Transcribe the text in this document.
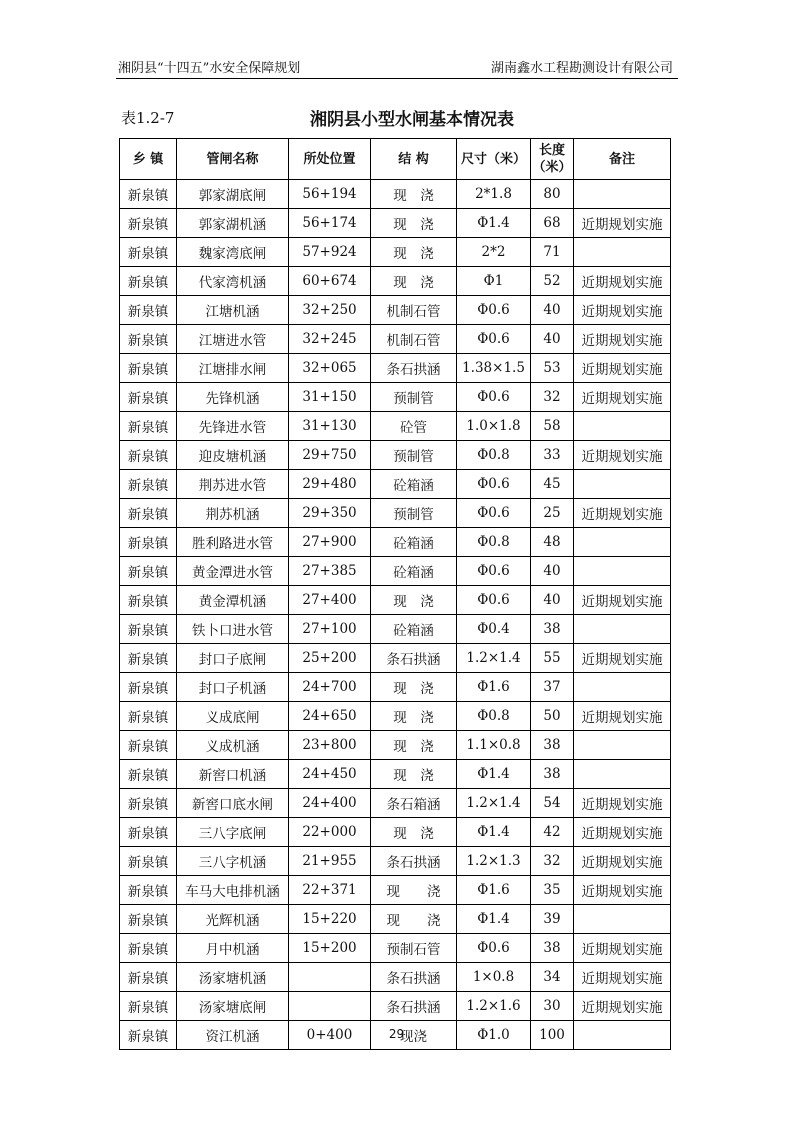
湘阴县“十四五”水安全保障规划	湖南鑫水工程勘测设计有限公司
表1.2-7	湘阴县小型水闸基本情况表
乡 镇	管闸名称	所处位置	结 构	尺寸（米）	长度（米）	备注
新泉镇	郭家湖底闸	56+194	现　浇	2*1.8	80	
新泉镇	郭家湖机涵	56+174	现　浇	Φ1.4	68	近期规划实施
新泉镇	魏家湾底闸	57+924	现　浇	2*2	71	
新泉镇	代家湾机涵	60+674	现　浇	Φ1	52	近期规划实施
新泉镇	江塘机涵	32+250	机制石管	Φ0.6	40	近期规划实施
新泉镇	江塘进水管	32+245	机制石管	Φ0.6	40	近期规划实施
新泉镇	江塘排水闸	32+065	条石拱涵	1.38×1.5	53	近期规划实施
新泉镇	先锋机涵	31+150	预制管	Φ0.6	32	近期规划实施
新泉镇	先锋进水管	31+130	砼管	1.0×1.8	58	
新泉镇	迎皮塘机涵	29+750	预制管	Φ0.8	33	近期规划实施
新泉镇	荆苏进水管	29+480	砼箱涵	Φ0.6	45	
新泉镇	荆苏机涵	29+350	预制管	Φ0.6	25	近期规划实施
新泉镇	胜利路进水管	27+900	砼箱涵	Φ0.8	48	
新泉镇	黄金潭进水管	27+385	砼箱涵	Φ0.6	40	
新泉镇	黄金潭机涵	27+400	现　浇	Φ0.6	40	近期规划实施
新泉镇	铁卜口进水管	27+100	砼箱涵	Φ0.4	38	
新泉镇	封口子底闸	25+200	条石拱涵	1.2×1.4	55	近期规划实施
新泉镇	封口子机涵	24+700	现　浇	Φ1.6	37	
新泉镇	义成底闸	24+650	现　浇	Φ0.8	50	近期规划实施
新泉镇	义成机涵	23+800	现　浇	1.1×0.8	38	
新泉镇	新窖口机涵	24+450	现　浇	Φ1.4	38	
新泉镇	新窖口底水闸	24+400	条石箱涵	1.2×1.4	54	近期规划实施
新泉镇	三八字底闸	22+000	现　浇	Φ1.4	42	近期规划实施
新泉镇	三八字机涵	21+955	条石拱涵	1.2×1.3	32	近期规划实施
新泉镇	车马大电排机涵	22+371	现　　浇	Φ1.6	35	近期规划实施
新泉镇	光辉机涵	15+220	现　　浇	Φ1.4	39	
新泉镇	月中机涵	15+200	预制石管	Φ0.6	38	近期规划实施
新泉镇	汤家塘机涵		条石拱涵	1×0.8	34	近期规划实施
新泉镇	汤家塘底闸		条石拱涵	1.2×1.6	30	近期规划实施
新泉镇	资江机涵	0+400	现浇	Φ1.0	100	
29
